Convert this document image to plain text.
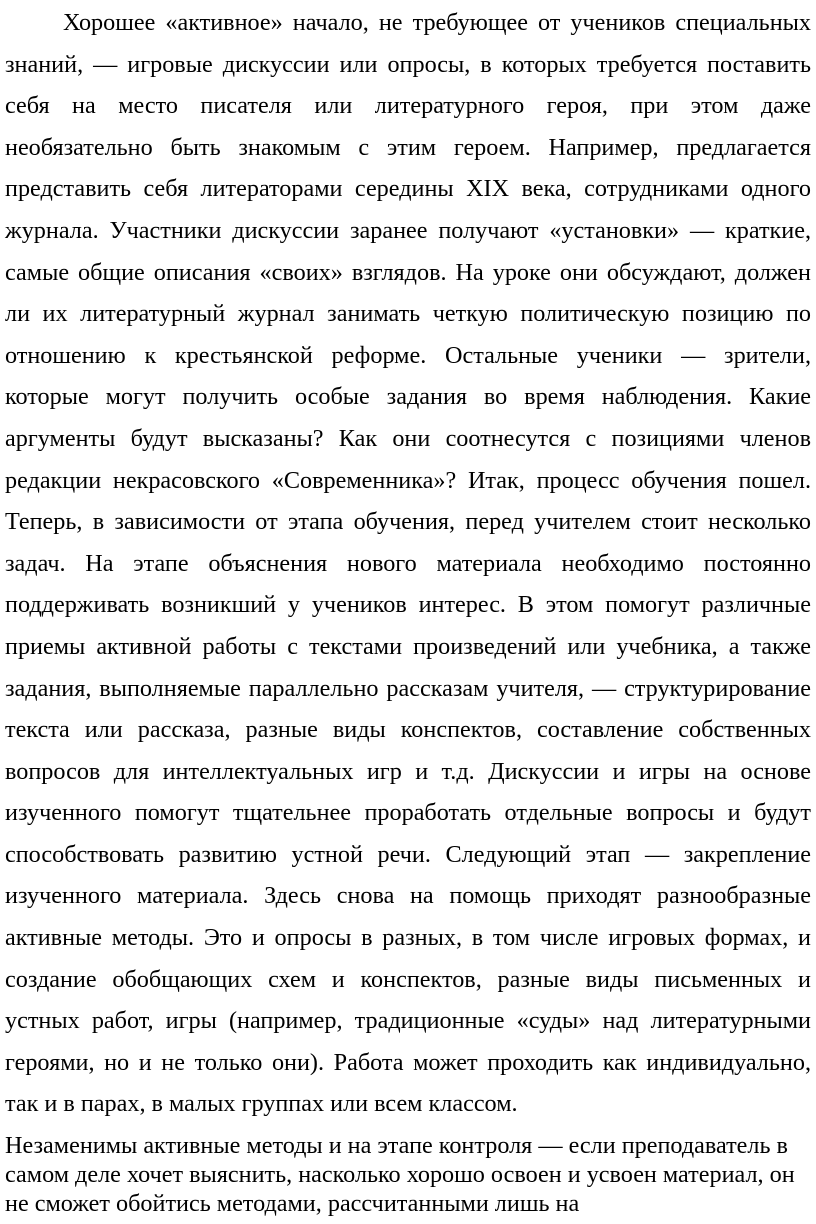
Хорошее «активное» начало, не требующее от учеников специальных знаний, — игровые дискуссии или опросы, в которых требуется поставить себя на место писателя или литературного героя, при этом даже необязательно быть знакомым с этим героем. Например, предлагается представить себя литераторами середины XIX века, сотрудниками одного журнала. Участники дискуссии заранее получают «установки» — краткие, самые общие описания «своих» взглядов. На уроке они обсуждают, должен ли их литературный журнал занимать четкую политическую позицию по отношению к крестьянской реформе. Остальные ученики — зрители, которые могут получить особые задания во время наблюдения. Какие аргументы будут высказаны? Как они соотнесутся с позициями членов редакции некрасовского «Современника»? Итак, процесс обучения пошел. Теперь, в зависимости от этапа обучения, перед учителем стоит несколько задач. На этапе объяснения нового материала необходимо постоянно поддерживать возникший у учеников интерес. В этом помогут различные приемы активной работы с текстами произведений или учебника, а также задания, выполняемые параллельно рассказам учителя, — структурирование текста или рассказа, разные виды конспектов, составление собственных вопросов для интеллектуальных игр и т.д. Дискуссии и игры на основе изученного помогут тщательнее проработать отдельные вопросы и будут способствовать развитию устной речи. Следующий этап — закрепление изученного материала. Здесь снова на помощь приходят разнообразные активные методы. Это и опросы в разных, в том числе игровых формах, и создание обобщающих схем и конспектов, разные виды письменных и устных работ, игры (например, традиционные «суды» над литературными героями, но и не только они). Работа может проходить как индивидуально, так и в парах, в малых группах или всем классом.

Незаменимы активные методы и на этапе контроля — если преподаватель в самом деле хочет выяснить, насколько хорошо освоен и усвоен материал, он не сможет обойтись методами, рассчитанными лишь на
